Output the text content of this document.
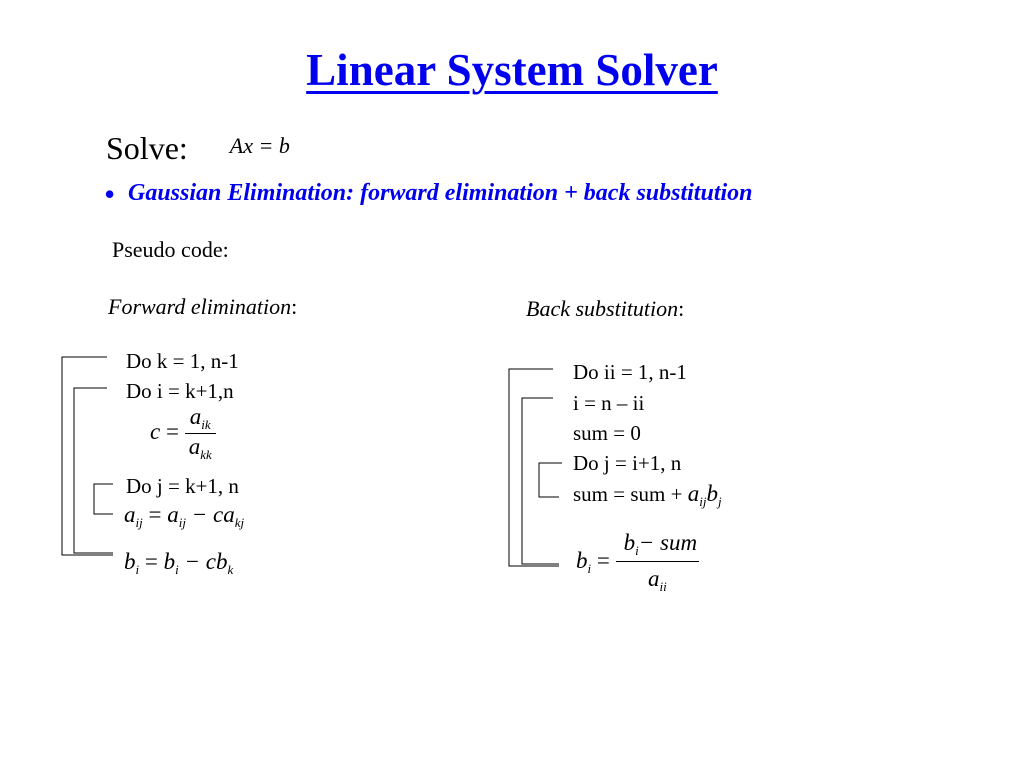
Linear System Solver
Solve: Ax = b
• Gaussian Elimination: forward elimination + back substitution
Pseudo code:
Forward elimination:
Do k = 1, n-1
Do i = k+1,n
$c = \frac{a_{ik}}{a_{kk}}$
Do j = k+1, n
$a_{ij} = a_{ij} - ca_{kj}$
$b_i = b_i - cb_k$
Back substitution:
Do ii = 1, n-1
i = n – ii
sum = 0
Do j = i+1, n
sum = sum + $a_{ij}b_j$
$b_i = \frac{b_i- sum}{a_{ii}}$
